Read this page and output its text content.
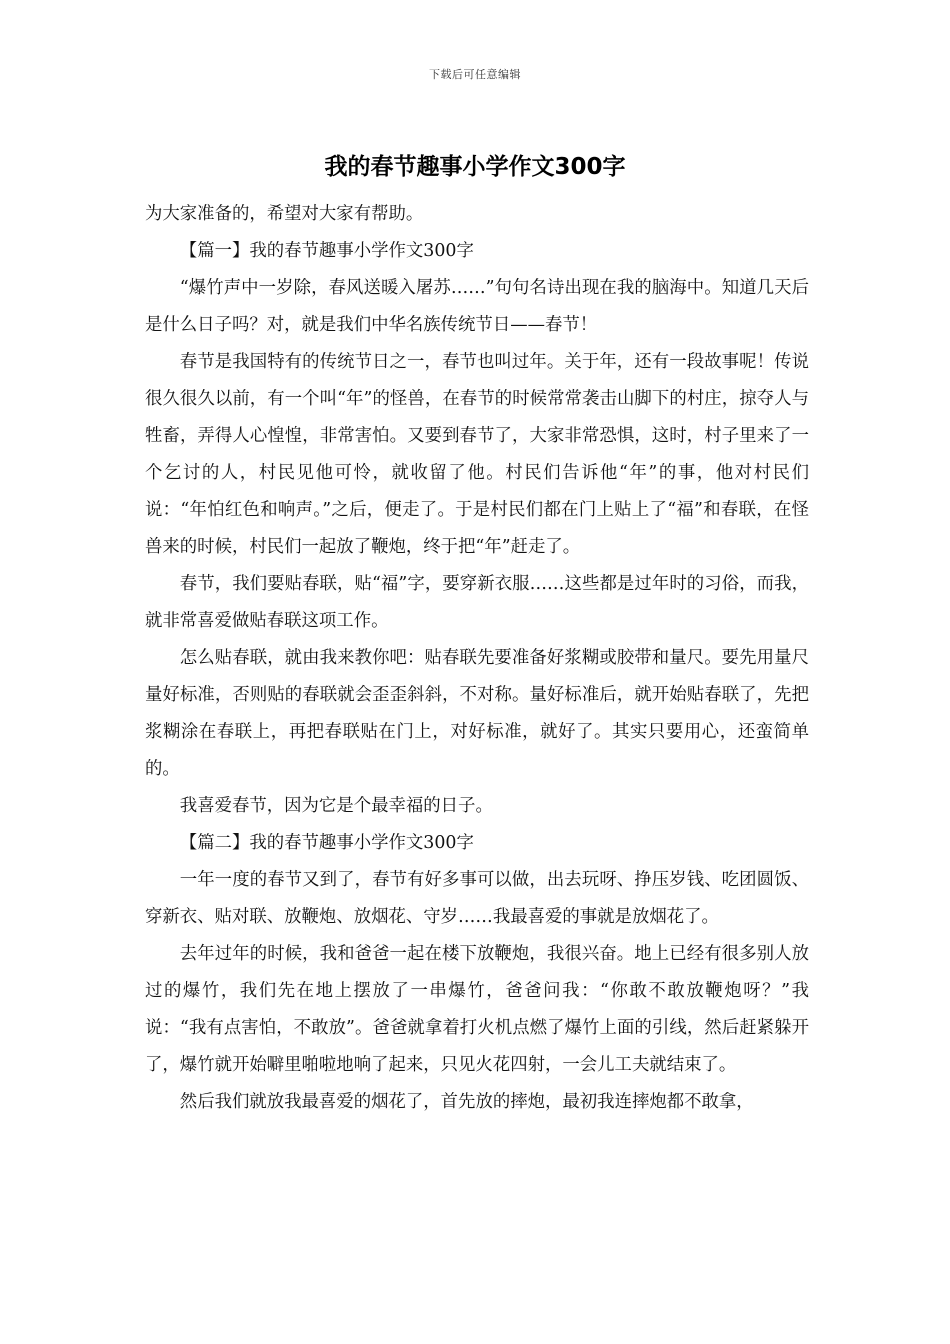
下载后可任意编辑
我的春节趣事小学作文300字

为大家准备的，希望对大家有帮助。

【篇一】我的春节趣事小学作文300字

“爆竹声中一岁除，春风送暖入屠苏……”句句名诗出现在我的脑海中。知道几天后是什么日子吗？对，就是我们中华名族传统节日——春节！

春节是我国特有的传统节日之一，春节也叫过年。关于年，还有一段故事呢！传说很久很久以前，有一个叫“年”的怪兽，在春节的时候常常袭击山脚下的村庄，掠夺人与牲畜，弄得人心惶惶，非常害怕。又要到春节了，大家非常恐惧，这时，村子里来了一个乞讨的人，村民见他可怜，就收留了他。村民们告诉他“年”的事，他对村民们说：“年怕红色和响声。”之后，便走了。于是村民们都在门上贴上了“福”和春联，在怪兽来的时候，村民们一起放了鞭炮，终于把“年”赶走了。

春节，我们要贴春联，贴“福”字，要穿新衣服……这些都是过年时的习俗，而我，就非常喜爱做贴春联这项工作。

怎么贴春联，就由我来教你吧：贴春联先要准备好浆糊或胶带和量尺。要先用量尺量好标准，否则贴的春联就会歪歪斜斜，不对称。量好标准后，就开始贴春联了，先把浆糊涂在春联上，再把春联贴在门上，对好标准，就好了。其实只要用心，还蛮简单的。

我喜爱春节，因为它是个最幸福的日子。

【篇二】我的春节趣事小学作文300字

一年一度的春节又到了，春节有好多事可以做，出去玩呀、挣压岁钱、吃团圆饭、穿新衣、贴对联、放鞭炮、放烟花、守岁……我最喜爱的事就是放烟花了。

去年过年的时候，我和爸爸一起在楼下放鞭炮，我很兴奋。地上已经有很多别人放过的爆竹，我们先在地上摆放了一串爆竹，爸爸问我：“你敢不敢放鞭炮呀？”我说：“我有点害怕，不敢放”。爸爸就拿着打火机点燃了爆竹上面的引线，然后赶紧躲开了，爆竹就开始噼里啪啦地响了起来，只见火花四射，一会儿工夫就结束了。

然后我们就放我最喜爱的烟花了，首先放的摔炮，最初我连摔炮都不敢拿，
